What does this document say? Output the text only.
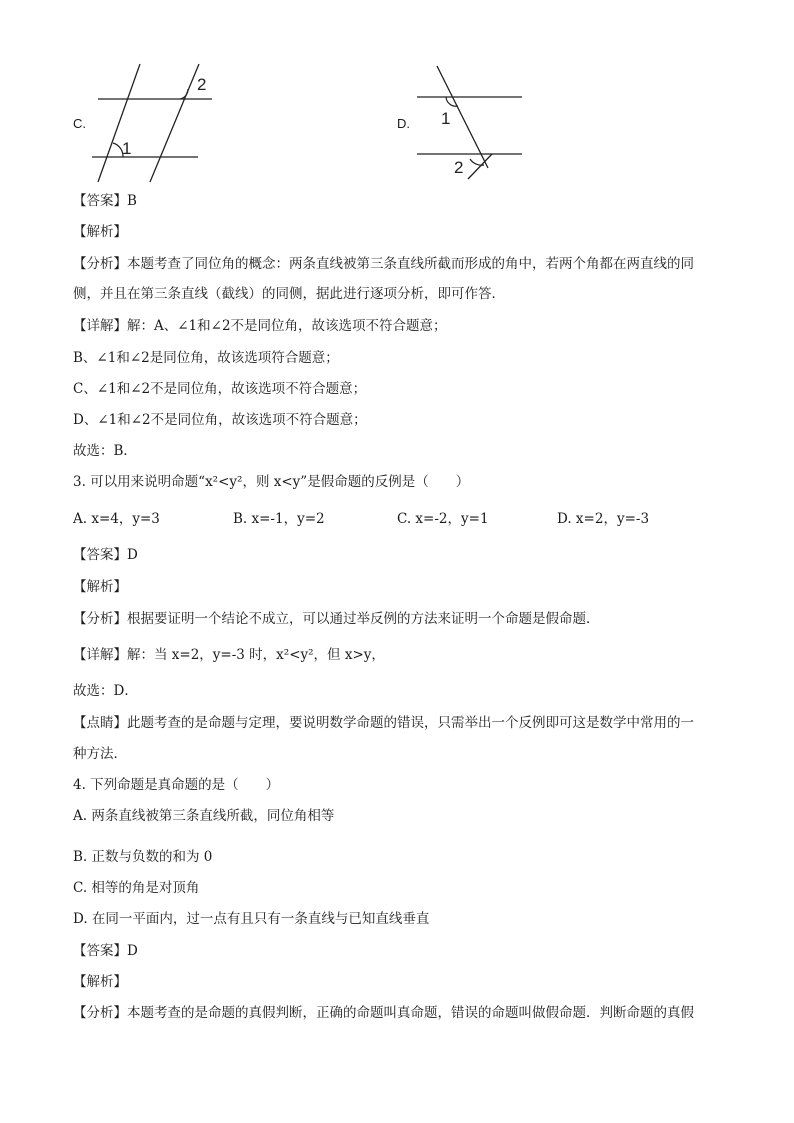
C.
1
2
D. 1
2
【答案】B
【解析】
【分析】本题考查了同位角的概念：两条直线被第三条直线所截而形成的角中，若两个角都在两直线的同
侧，并且在第三条直线（截线）的同侧，据此进行逐项分析，即可作答．
【详解】解：A、∠1和∠2不是同位角，故该选项不符合题意；
B、∠1和∠2是同位角，故该选项符合题意；
C、∠1和∠2不是同位角，故该选项不符合题意；
D、∠1和∠2不是同位角，故该选项不符合题意；
故选：B．
3. 可以用来说明命题“x²<y²，则 x<y”是假命题的反例是（　　）
A. x=4，y=3	B. x=-1，y=2	C. x=-2，y=1	D. x=2，y=-3
【答案】D
【解析】
【分析】根据要证明一个结论不成立，可以通过举反例的方法来证明一个命题是假命题．
【详解】解：当 x=2，y=-3 时，x²<y²，但 x>y，
故选：D．
【点睛】此题考查的是命题与定理，要说明数学命题的错误，只需举出一个反例即可这是数学中常用的一
种方法．
4. 下列命题是真命题的是（　　）
A. 两条直线被第三条直线所截，同位角相等
B. 正数与负数的和为 0
C. 相等的角是对顶角
D. 在同一平面内，过一点有且只有一条直线与已知直线垂直
【答案】D
【解析】
【分析】本题考查的是命题的真假判断，正确的命题叫真命题，错误的命题叫做假命题．判断命题的真假
